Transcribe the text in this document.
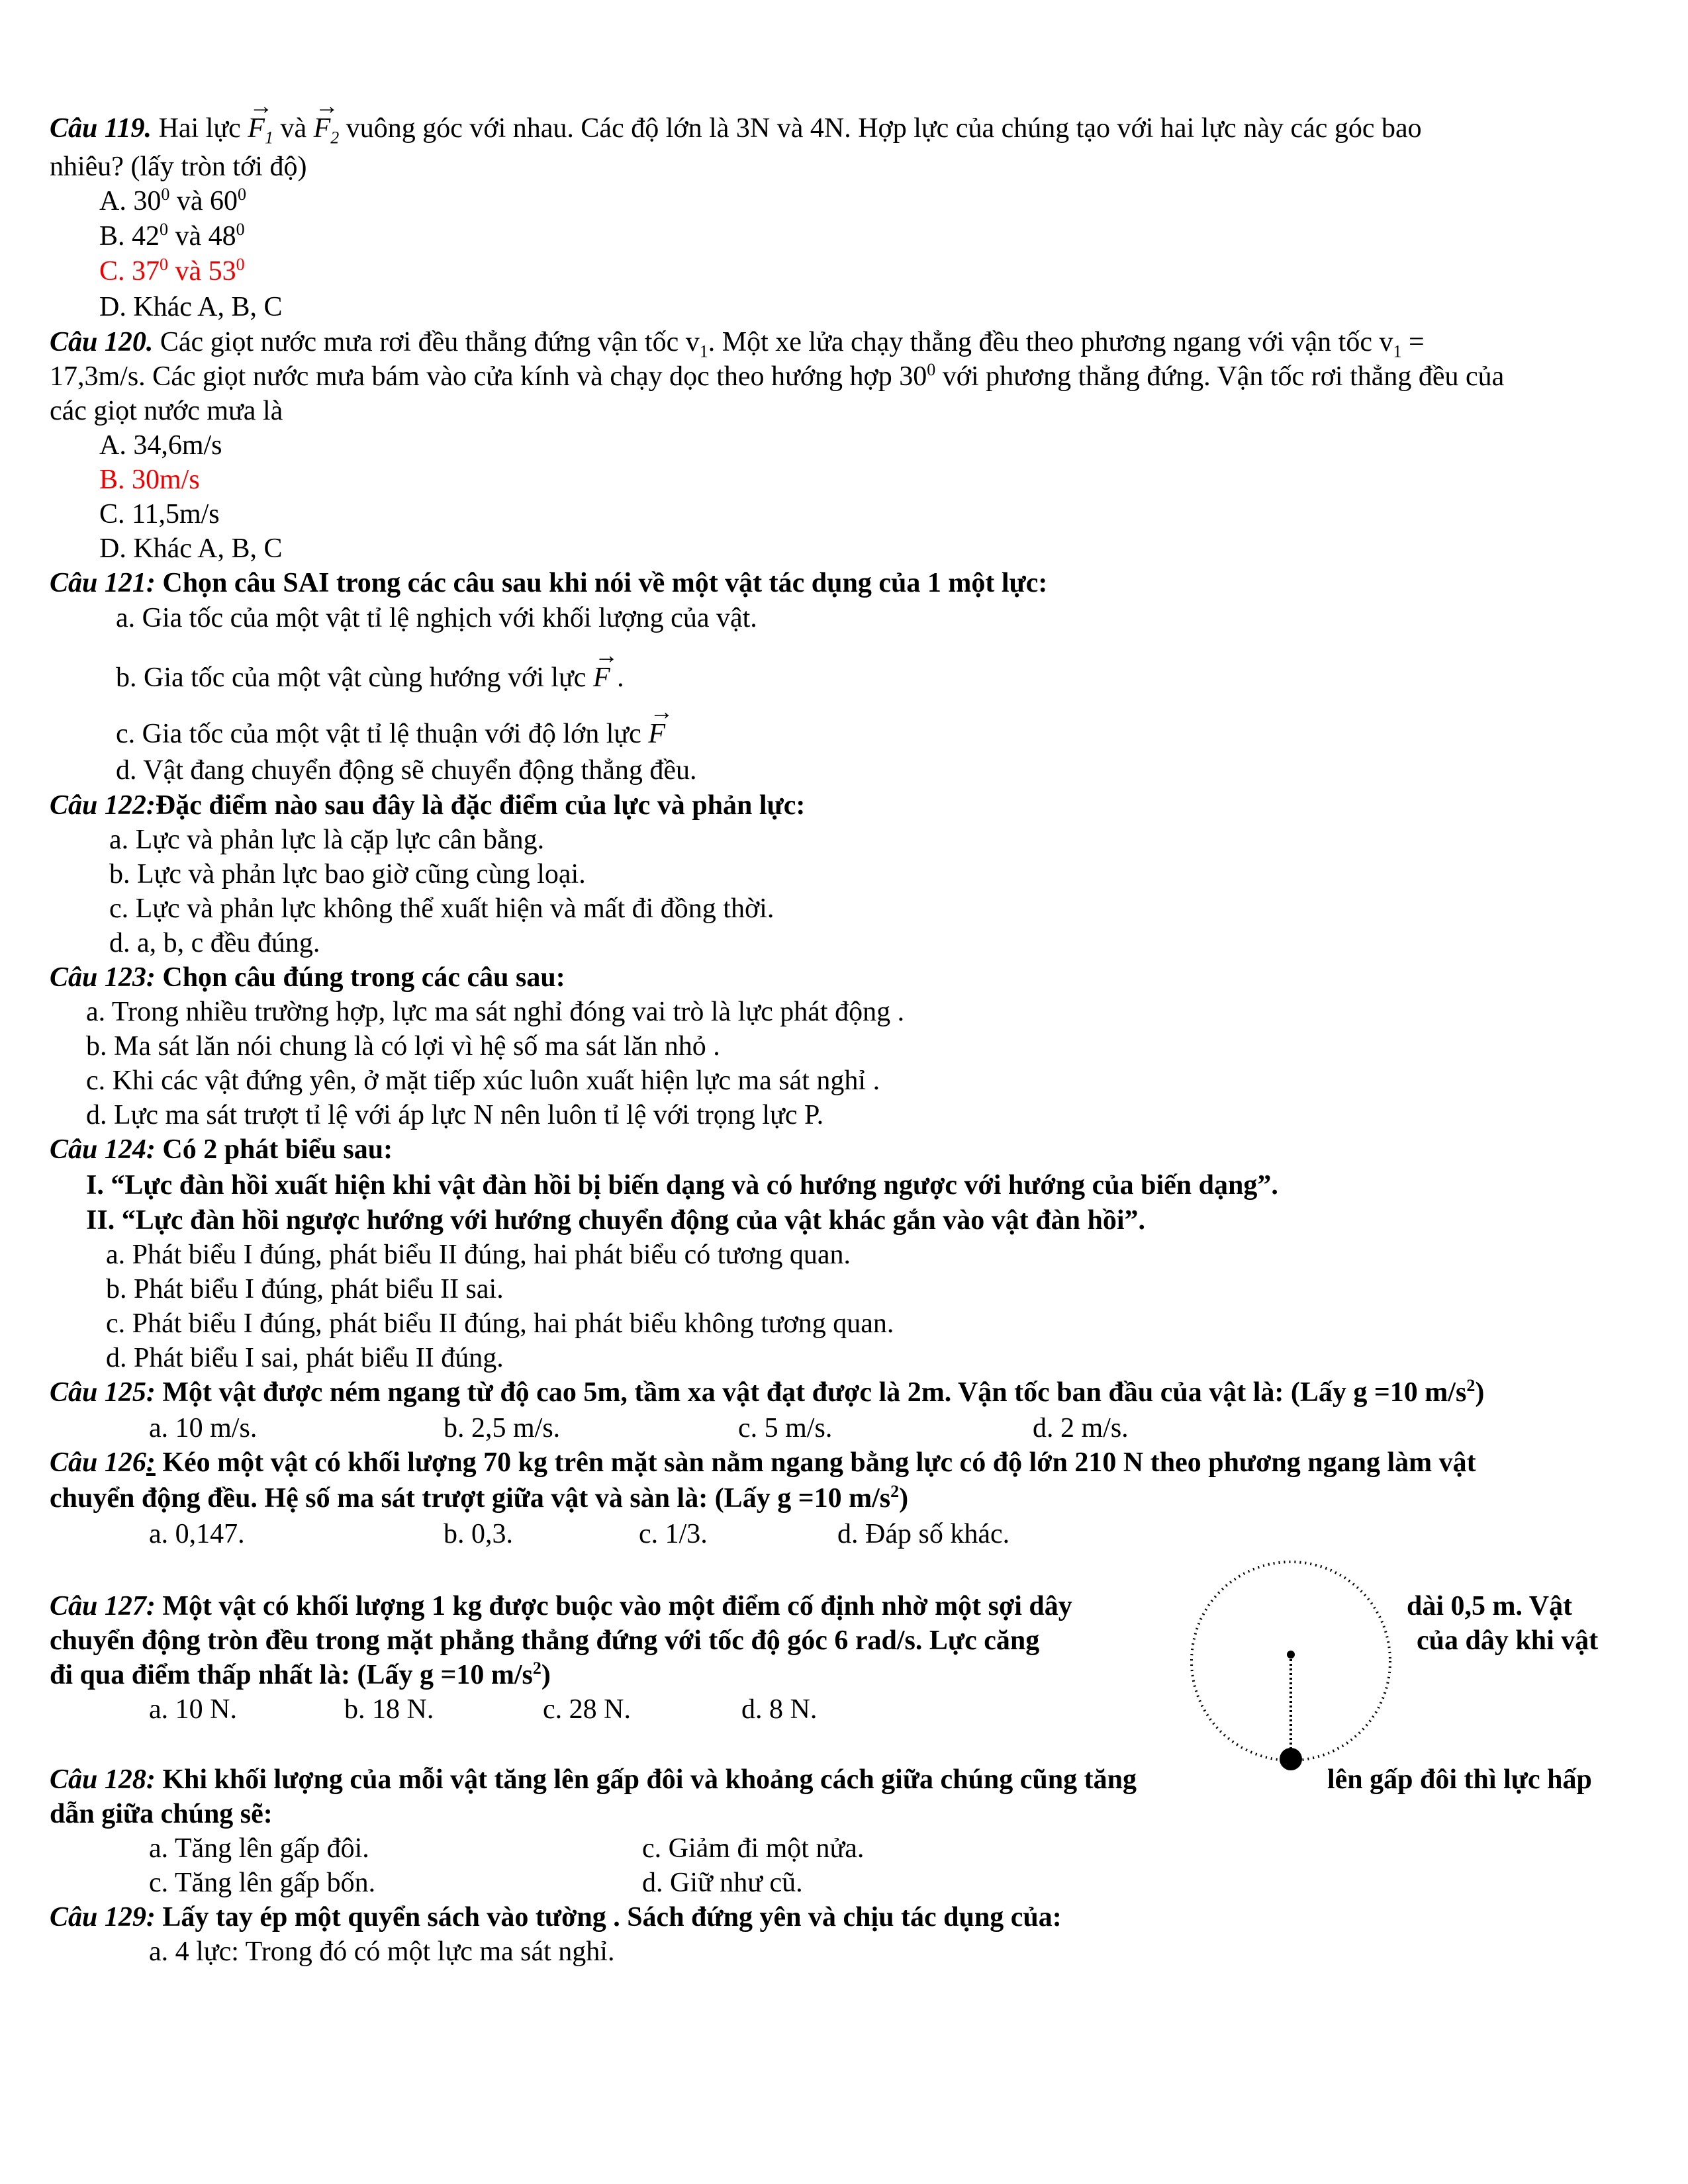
Câu 119. Hai lực
→
$F_1$ và
→
$F_2$ vuông góc với nhau. Các độ lớn là 3N và 4N. Hợp lực của chúng tạo với hai lực này các góc bao
nhiêu? (lấy tròn tới độ)
A. $30^0$ và $60^0$
B. $42^0$ và $48^0$
C. $37^0$ và $53^0$
D. Khác A, B, C
Câu 120. Các giọt nước mưa rơi đều thẳng đứng vận tốc $v_1$. Một xe lửa chạy thẳng đều theo phương ngang với vận tốc $v_1$ =
17,3m/s. Các giọt nước mưa bám vào cửa kính và chạy dọc theo hướng hợp $30^0$ với phương thẳng đứng. Vận tốc rơi thẳng đều của
các giọt nước mưa là
A. 34,6m/s
B. 30m/s
C. 11,5m/s
D. Khác A, B, C
Câu 121: Chọn câu SAI trong các câu sau khi nói về một vật tác dụng của 1 một lực:
a. Gia tốc của một vật tỉ lệ nghịch với khối lượng của vật.
b. Gia tốc của một vật cùng hướng với lực
→
F .
c. Gia tốc của một vật tỉ lệ thuận với độ lớn lực
→
F
d. Vật đang chuyển động sẽ chuyển động thẳng đều.
Câu 122:Đặc điểm nào sau đây là đặc điểm của lực và phản lực:
a. Lực và phản lực là cặp lực cân bằng.
b. Lực và phản lực bao giờ cũng cùng loại.
c. Lực và phản lực không thể xuất hiện và mất đi đồng thời.
d. a, b, c đều đúng.
Câu 123: Chọn câu đúng trong các câu sau:
a. Trong nhiều trường hợp, lực ma sát nghỉ đóng vai trò là lực phát động .
b. Ma sát lăn nói chung là có lợi vì hệ số ma sát lăn nhỏ .
c. Khi các vật đứng yên, ở mặt tiếp xúc luôn xuất hiện lực ma sát nghỉ .
d. Lực ma sát trượt tỉ lệ với áp lực N nên luôn tỉ lệ với trọng lực P.
Câu 124: Có 2 phát biểu sau:
I. “Lực đàn hồi xuất hiện khi vật đàn hồi bị biến dạng và có hướng ngược với hướng của biến dạng”.
II. “Lực đàn hồi ngược hướng với hướng chuyển động của vật khác gắn vào vật đàn hồi”.
a. Phát biểu I đúng, phát biểu II đúng, hai phát biểu có tương quan.
b. Phát biểu I đúng, phát biểu II sai.
c. Phát biểu I đúng, phát biểu II đúng, hai phát biểu không tương quan.
d. Phát biểu I sai, phát biểu II đúng.
Câu 125: Một vật được ném ngang từ độ cao 5m, tầm xa vật đạt được là 2m. Vận tốc ban đầu của vật là: (Lấy g =10 $m/s^2$)
a. 10 m/s.	b. 2,5 m/s.	c. 5 m/s.	d. 2 m/s.
Câu 126: Kéo một vật có khối lượng 70 kg trên mặt sàn nằm ngang bằng lực có độ lớn 210 N theo phương ngang làm vật
chuyển động đều. Hệ số ma sát trượt giữa vật và sàn là: (Lấy g =10 $m/s^2$)
a. 0,147.	b. 0,3.	c. 1/3.	d. Đáp số khác.
Câu 127: Một vật có khối lượng 1 kg được buộc vào một điểm cố định nhờ một sợi dây	dài 0,5 m. Vật
chuyển động tròn đều trong mặt phẳng thẳng đứng với tốc độ góc 6 rad/s. Lực căng	của dây khi vật
đi qua điểm thấp nhất là: (Lấy g =10 $m/s^2$)
a. 10 N.	b. 18 N.	c. 28 N.	d. 8 N.
Câu 128: Khi khối lượng của mỗi vật tăng lên gấp đôi và khoảng cách giữa chúng cũng tăng	lên gấp đôi thì lực hấp
dẫn giữa chúng sẽ:
a. Tăng lên gấp đôi.
c. Tăng lên gấp bốn.
c. Giảm đi một nửa.
d. Giữ như cũ.
Câu 129: Lấy tay ép một quyển sách vào tường . Sách đứng yên và chịu tác dụng của:
a. 4 lực: Trong đó có một lực ma sát nghỉ.
